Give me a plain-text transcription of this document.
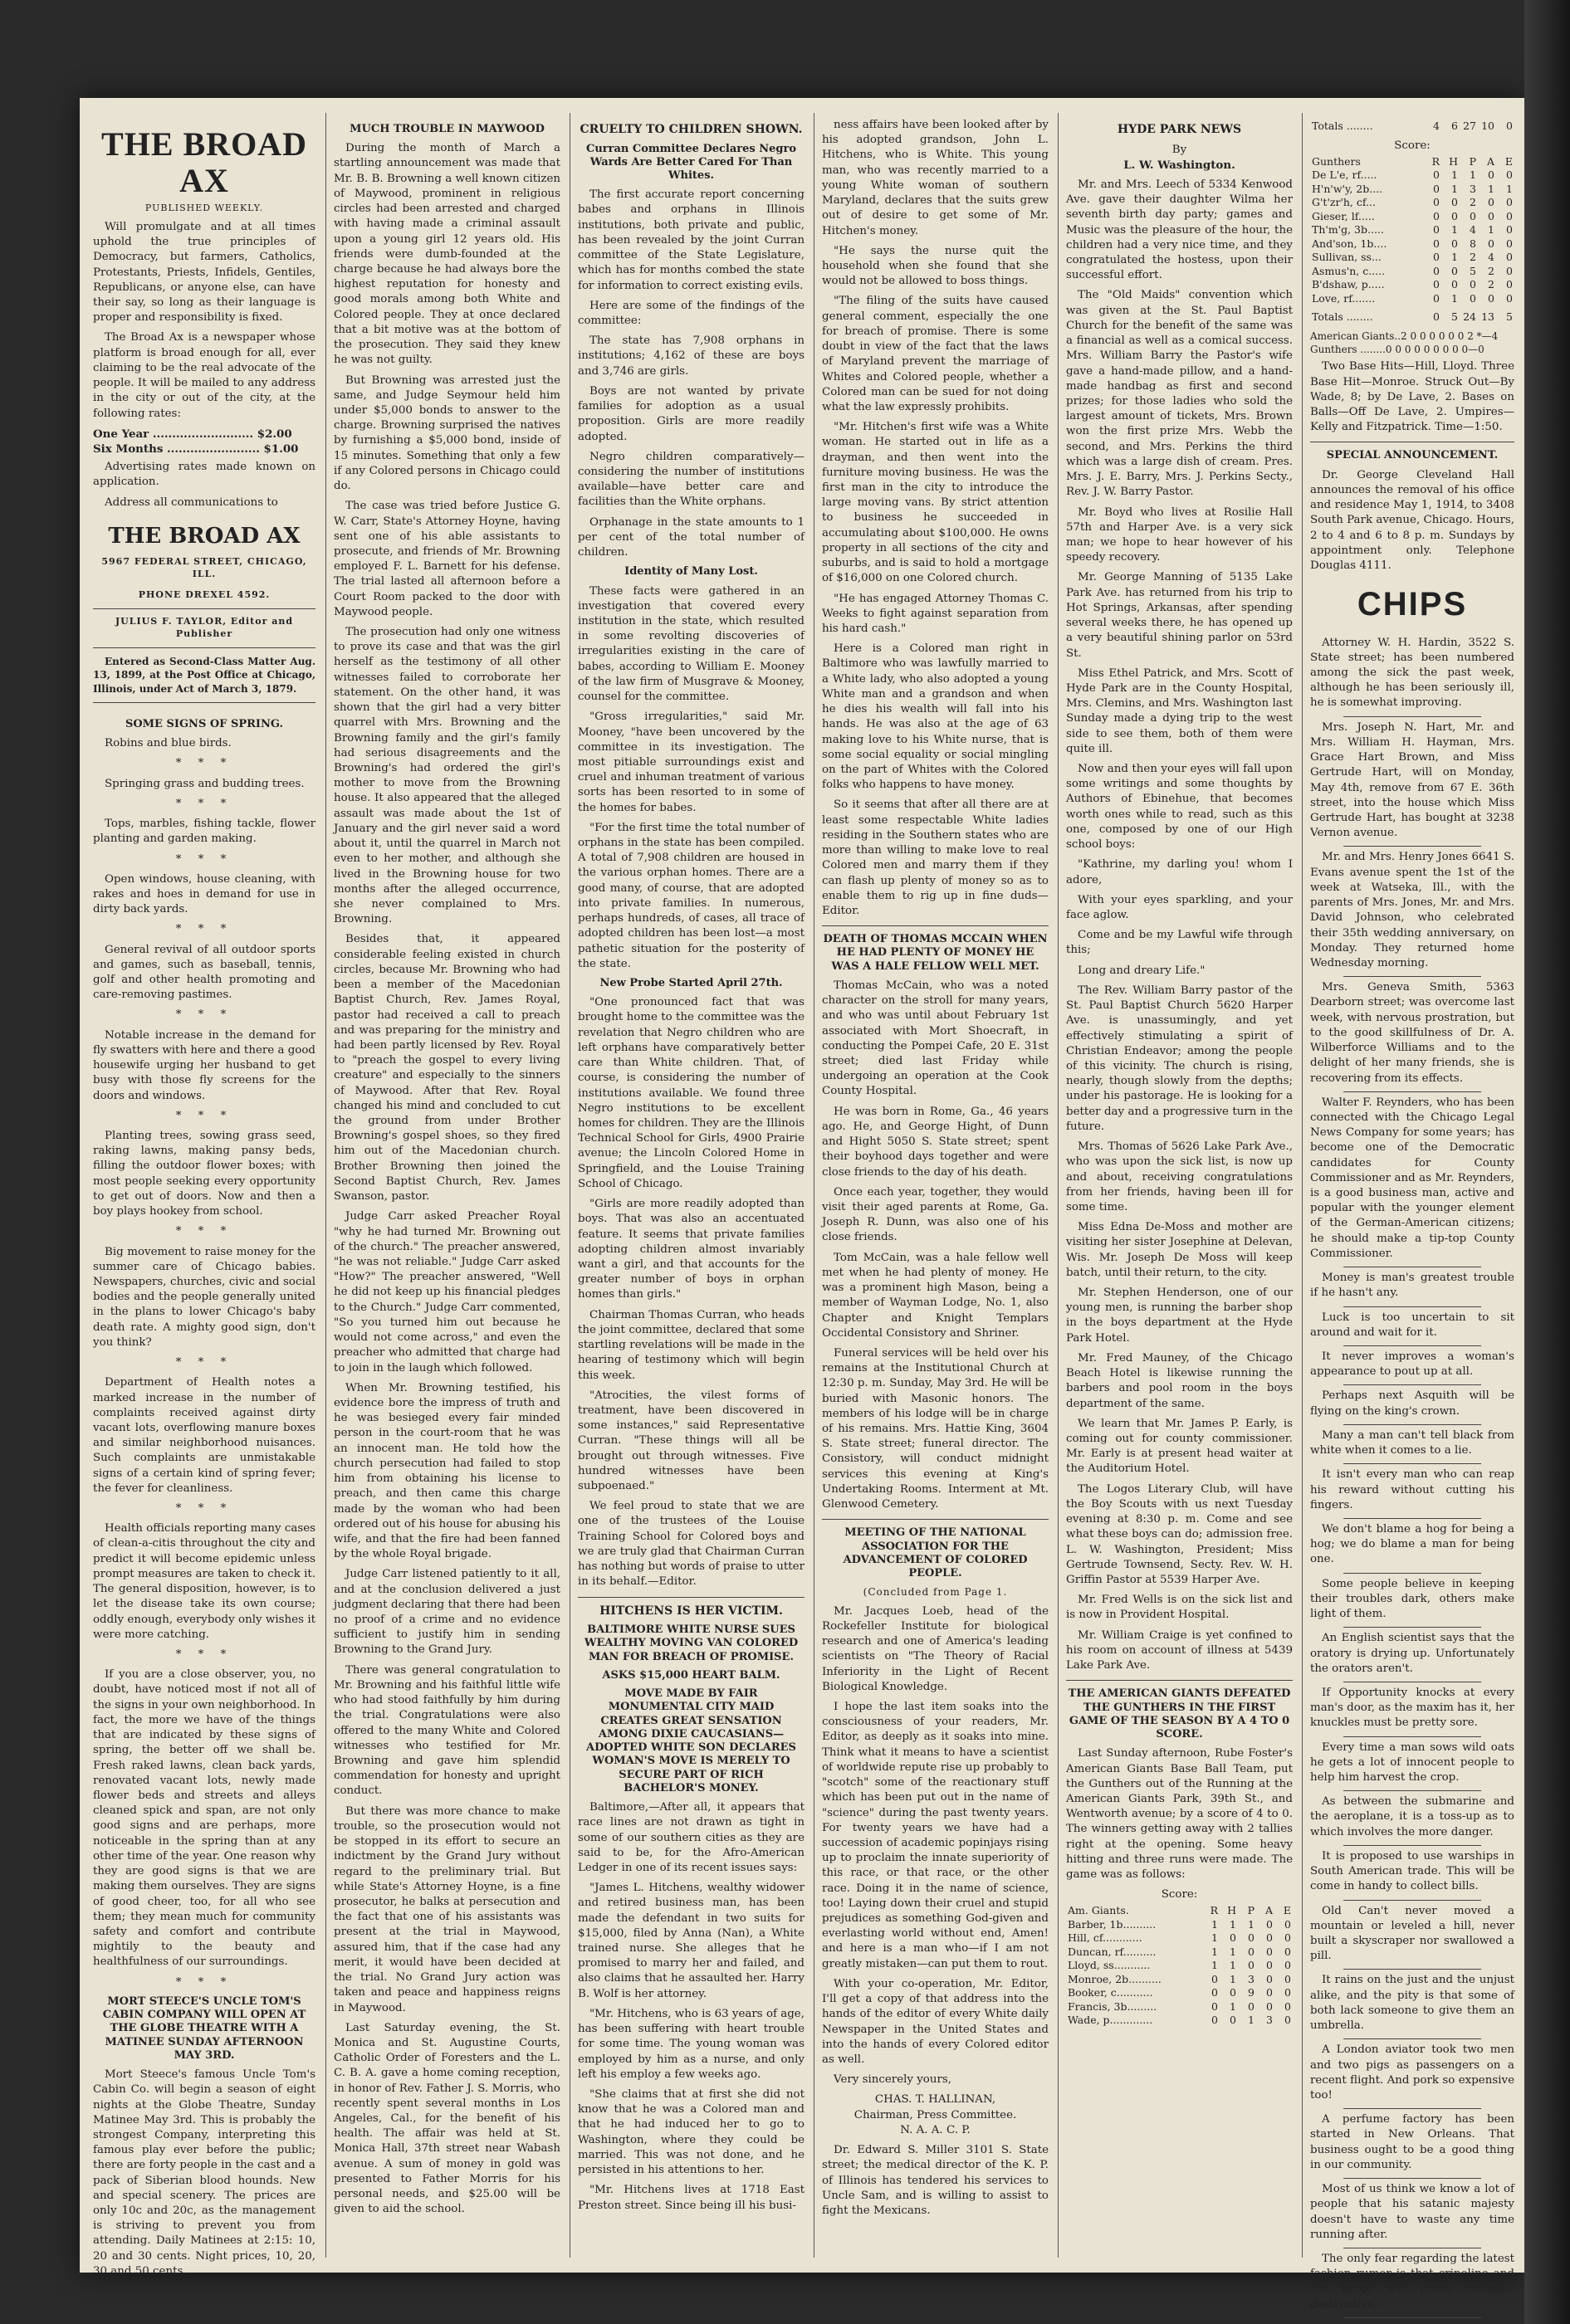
THE BROAD AX
PUBLISHED WEEKLY.

Will promulgate and at all times uphold the true principles of Democracy, but farmers, Catholics, Protestants, Priests, Infidels, Gentiles, Republicans, or anyone else, can have their say, so long as their language is proper and responsibility is fixed.

The Broad Ax is a newspaper whose platform is broad enough for all, ever claiming to be the real advocate of the people. It will be mailed to any address in the city or out of the city, at the following rates:

One Year .......................... $2.00
Six Months ........................ $1.00

Advertising rates made known on application.

Address all communications to

THE BROAD AX
5967 FEDERAL STREET, CHICAGO, ILL.
PHONE DREXEL 4592.
JULIUS F. TAYLOR, Editor and Publisher

Entered as Second-Class Matter Aug. 13, 1899, at the Post Office at Chicago, Illinois, under Act of March 3, 1879.

SOME SIGNS OF SPRING.

Robins and blue birds.

* * *

Springing grass and budding trees.

* * *

Tops, marbles, fishing tackle, flower planting and garden making.

* * *

Open windows, house cleaning, with rakes and hoes in demand for use in dirty back yards.

* * *

General revival of all outdoor sports and games, such as baseball, tennis, golf and other health promoting and care-removing pastimes.

* * *

Notable increase in the demand for fly swatters with here and there a good housewife urging her husband to get busy with those fly screens for the doors and windows.

* * *

Planting trees, sowing grass seed, raking lawns, making pansy beds, filling the outdoor flower boxes; with most people seeking every opportunity to get out of doors. Now and then a boy plays hookey from school.

* * *

Big movement to raise money for the summer care of Chicago babies. Newspapers, churches, civic and social bodies and the people generally united in the plans to lower Chicago's baby death rate. A mighty good sign, don't you think?

* * *

Department of Health notes a marked increase in the number of complaints received against dirty vacant lots, overflowing manure boxes and similar neighborhood nuisances. Such complaints are unmistakable signs of a certain kind of spring fever; the fever for cleanliness.

* * *

Health officials reporting many cases of clean-a-citis throughout the city and predict it will become epidemic unless prompt measures are taken to check it. The general disposition, however, is to let the disease take its own course; oddly enough, everybody only wishes it were more catching.

* * *

If you are a close observer, you, no doubt, have noticed most if not all of the signs in your own neighborhood. In fact, the more we have of the things that are indicated by these signs of spring, the better off we shall be. Fresh raked lawns, clean back yards, renovated vacant lots, newly made flower beds and streets and alleys cleaned spick and span, are not only good signs and are perhaps, more noticeable in the spring than at any other time of the year. One reason why they are good signs is that we are making them ourselves. They are signs of good cheer, too, for all who see them; they mean much for community safety and comfort and contribute mightily to the beauty and healthfulness of our surroundings.

* * *
MORT STEECE'S UNCLE TOM'S CABIN COMPANY WILL OPEN AT THE GLOBE THEATRE WITH A MATINEE SUNDAY AFTERNOON MAY 3RD.

Mort Steece's famous Uncle Tom's Cabin Co. will begin a season of eight nights at the Globe Theatre, Sunday Matinee May 3rd. This is probably the strongest Company, interpreting this famous play ever before the public; there are forty people in the cast and a pack of Siberian blood hounds. New and special scenery. The prices are only 10c and 20c, as the management is striving to prevent you from attending. Daily Matinees at 2:15: 10, 20 and 30 cents. Night prices, 10, 20, 30 and 50 cents.

MUCH TROUBLE IN MAYWOOD

During the month of March a startling announcement was made that Mr. B. B. Browning a well known citizen of Maywood, prominent in religious circles had been arrested and charged with having made a criminal assault upon a young girl 12 years old. His friends were dumb-founded at the charge because he had always bore the highest reputation for honesty and good morals among both White and Colored people. They at once declared that a bit motive was at the bottom of the prosecution. They said they knew he was not guilty.

But Browning was arrested just the same, and Judge Seymour held him under $5,000 bonds to answer to the charge. Browning surprised the natives by furnishing a $5,000 bond, inside of 15 minutes. Something that only a few if any Colored persons in Chicago could do.

The case was tried before Justice G. W. Carr, State's Attorney Hoyne, having sent one of his able assistants to prosecute, and friends of Mr. Browning employed F. L. Barnett for his defense. The trial lasted all afternoon before a Court Room packed to the door with Maywood people.

The prosecution had only one witness to prove its case and that was the girl herself as the testimony of all other witnesses failed to corroborate her statement. On the other hand, it was shown that the girl had a very bitter quarrel with Mrs. Browning and the Browning family and the girl's family had serious disagreements and the Browning's had ordered the girl's mother to move from the Browning house. It also appeared that the alleged assault was made about the 1st of January and the girl never said a word about it, until the quarrel in March not even to her mother, and although she lived in the Browning house for two months after the alleged occurrence, she never complained to Mrs. Browning.

Besides that, it appeared considerable feeling existed in church circles, because Mr. Browning who had been a member of the Macedonian Baptist Church, Rev. James Royal, pastor had received a call to preach and was preparing for the ministry and had been partly licensed by Rev. Royal to "preach the gospel to every living creature" and especially to the sinners of Maywood. After that Rev. Royal changed his mind and concluded to cut the ground from under Brother Browning's gospel shoes, so they fired him out of the Macedonian church. Brother Browning then joined the Second Baptist Church, Rev. James Swanson, pastor.

Judge Carr asked Preacher Royal "why he had turned Mr. Browning out of the church." The preacher answered, "he was not reliable." Judge Carr asked "How?" The preacher answered, "Well he did not keep up his financial pledges to the Church." Judge Carr commented, "So you turned him out because he would not come across," and even the preacher who admitted that charge had to join in the laugh which followed.

When Mr. Browning testified, his evidence bore the impress of truth and he was besieged every fair minded person in the court-room that he was an innocent man. He told how the church persecution had failed to stop him from obtaining his license to preach, and then came this charge made by the woman who had been ordered out of his house for abusing his wife, and that the fire had been fanned by the whole Royal brigade.

Judge Carr listened patiently to it all, and at the conclusion delivered a just judgment declaring that there had been no proof of a crime and no evidence sufficient to justify him in sending Browning to the Grand Jury.

There was general congratulation to Mr. Browning and his faithful little wife who had stood faithfully by him during the trial. Congratulations were also offered to the many White and Colored witnesses who testified for Mr. Browning and gave him splendid commendation for honesty and upright conduct.

But there was more chance to make trouble, so the prosecution would not be stopped in its effort to secure an indictment by the Grand Jury without regard to the preliminary trial. But while State's Attorney Hoyne, is a fine prosecutor, he balks at persecution and the fact that one of his assistants was present at the trial in Maywood, assured him, that if the case had any merit, it would have been decided at the trial. No Grand Jury action was taken and peace and happiness reigns in Maywood.

Last Saturday evening, the St. Monica and St. Augustine Courts, Catholic Order of Foresters and the L. C. B. A. gave a home coming reception, in honor of Rev. Father J. S. Morris, who recently spent several months in Los Angeles, Cal., for the benefit of his health. The affair was held at St. Monica Hall, 37th street near Wabash avenue. A sum of money in gold was presented to Father Morris for his personal needs, and $25.00 will be given to aid the school.

CRUELTY TO CHILDREN SHOWN.
Curran Committee Declares Negro Wards Are Better Cared For Than Whites.

The first accurate report concerning babes and orphans in Illinois institutions, both private and public, has been revealed by the joint Curran committee of the State Legislature, which has for months combed the state for information to correct existing evils.

Here are some of the findings of the committee:

The state has 7,908 orphans in institutions; 4,162 of these are boys and 3,746 are girls.

Boys are not wanted by private families for adoption as a usual proposition. Girls are more readily adopted.

Negro children comparatively—considering the number of institutions available—have better care and facilities than the White orphans.

Orphanage in the state amounts to 1 per cent of the total number of children.

Identity of Many Lost.

These facts were gathered in an investigation that covered every institution in the state, which resulted in some revolting discoveries of irregularities existing in the care of babes, according to William E. Mooney of the law firm of Musgrave & Mooney, counsel for the committee.

"Gross irregularities," said Mr. Mooney, "have been uncovered by the committee in its investigation. The most pitiable surroundings exist and cruel and inhuman treatment of various sorts has been resorted to in some of the homes for babes.

"For the first time the total number of orphans in the state has been compiled. A total of 7,908 children are housed in the various orphan homes. There are a good many, of course, that are adopted into private families. In numerous, perhaps hundreds, of cases, all trace of adopted children has been lost—a most pathetic situation for the posterity of the state.

New Probe Started April 27th.

"One pronounced fact that was brought home to the committee was the revelation that Negro children who are left orphans have comparatively better care than White children. That, of course, is considering the number of institutions available. We found three Negro institutions to be excellent homes for children. They are the Illinois Technical School for Girls, 4900 Prairie avenue; the Lincoln Colored Home in Springfield, and the Louise Training School of Chicago.

"Girls are more readily adopted than boys. That was also an accentuated feature. It seems that private families adopting children almost invariably want a girl, and that accounts for the greater number of boys in orphan homes than girls."

Chairman Thomas Curran, who heads the joint committee, declared that some startling revelations will be made in the hearing of testimony which will begin this week.

"Atrocities, the vilest forms of treatment, have been discovered in some instances," said Representative Curran. "These things will all be brought out through witnesses. Five hundred witnesses have been subpoenaed."

We feel proud to state that we are one of the trustees of the Louise Training School for Colored boys and we are truly glad that Chairman Curran has nothing but words of praise to utter in its behalf.—Editor.

HITCHENS IS HER VICTIM.
BALTIMORE WHITE NURSE SUES WEALTHY MOVING VAN COLORED MAN FOR BREACH OF PROMISE.
ASKS $15,000 HEART BALM.
MOVE MADE BY FAIR MONUMENTAL CITY MAID CREATES GREAT SENSATION AMONG DIXIE CAUCASIANS—ADOPTED WHITE SON DECLARES WOMAN'S MOVE IS MERELY TO SECURE PART OF RICH BACHELOR'S MONEY.

Baltimore,—After all, it appears that race lines are not drawn as tight in some of our southern cities as they are said to be, for the Afro-American Ledger in one of its recent issues says:

"James L. Hitchens, wealthy widower and retired business man, has been made the defendant in two suits for $15,000, filed by Anna (Nan), a White trained nurse. She alleges that he promised to marry her and failed, and also claims that he assaulted her. Harry B. Wolf is her attorney.

"Mr. Hitchens, who is 63 years of age, has been suffering with heart trouble for some time. The young woman was employed by him as a nurse, and only left his employ a few weeks ago.

"She claims that at first she did not know that he was a Colored man and that he had induced her to go to Washington, where they could be married. This was not done, and he persisted in his attentions to her.

"Mr. Hitchens lives at 1718 East Preston street. Since being ill his busi-

ness affairs have been looked after by his adopted grandson, John L. Hitchens, who is White. This young man, who was recently married to a young White woman of southern Maryland, declares that the suits grew out of desire to get some of Mr. Hitchen's money.

"He says the nurse quit the household when she found that she would not be allowed to boss things.

"The filing of the suits have caused general comment, especially the one for breach of promise. There is some doubt in view of the fact that the laws of Maryland prevent the marriage of Whites and Colored people, whether a Colored man can be sued for not doing what the law expressly prohibits.

"Mr. Hitchen's first wife was a White woman. He started out in life as a drayman, and then went into the furniture moving business. He was the first man in the city to introduce the large moving vans. By strict attention to business he succeeded in accumulating about $100,000. He owns property in all sections of the city and suburbs, and is said to hold a mortgage of $16,000 on one Colored church.

"He has engaged Attorney Thomas C. Weeks to fight against separation from his hard cash."

Here is a Colored man right in Baltimore who was lawfully married to a White lady, who also adopted a young White man and a grandson and when he dies his wealth will fall into his hands. He was also at the age of 63 making love to his White nurse, that is some social equality or social mingling on the part of Whites with the Colored folks who happens to have money.

So it seems that after all there are at least some respectable White ladies residing in the Southern states who are more than willing to make love to real Colored men and marry them if they can flash up plenty of money so as to enable them to rig up in fine duds—Editor.

DEATH OF THOMAS MCCAIN WHEN HE HAD PLENTY OF MONEY HE WAS A HALE FELLOW WELL MET.

Thomas McCain, who was a noted character on the stroll for many years, and who was until about February 1st associated with Mort Shoecraft, in conducting the Pompei Cafe, 20 E. 31st street; died last Friday while undergoing an operation at the Cook County Hospital.

He was born in Rome, Ga., 46 years ago. He, and George Hight, of Dunn and Hight 5050 S. State street; spent their boyhood days together and were close friends to the day of his death.

Once each year, together, they would visit their aged parents at Rome, Ga. Joseph R. Dunn, was also one of his close friends.

Tom McCain, was a hale fellow well met when he had plenty of money. He was a prominent high Mason, being a member of Wayman Lodge, No. 1, also Chapter and Knight Templars Occidental Consistory and Shriner.

Funeral services will be held over his remains at the Institutional Church at 12:30 p. m. Sunday, May 3rd. He will be buried with Masonic honors. The members of his lodge will be in charge of his remains. Mrs. Hattie King, 3604 S. State street; funeral director. The Consistory, will conduct midnight services this evening at King's Undertaking Rooms. Interment at Mt. Glenwood Cemetery.

MEETING OF THE NATIONAL ASSOCIATION FOR THE ADVANCEMENT OF COLORED PEOPLE.
(Concluded from Page 1.

Mr. Jacques Loeb, head of the Rockefeller Institute for biological research and one of America's leading scientists on "The Theory of Racial Inferiority in the Light of Recent Biological Knowledge.

I hope the last item soaks into the consciousness of your readers, Mr. Editor, as deeply as it soaks into mine. Think what it means to have a scientist of worldwide repute rise up probably to "scotch" some of the reactionary stuff which has been put out in the name of "science" during the past twenty years. For twenty years we have had a succession of academic popinjays rising up to proclaim the innate superiority of this race, or that race, or the other race. Doing it in the name of science, too! Laying down their cruel and stupid prejudices as something God-given and everlasting world without end, Amen! and here is a man who—if I am not greatly mistaken—can put them to rout.

With your co-operation, Mr. Editor, I'll get a copy of that address into the hands of the editor of every White daily Newspaper in the United States and into the hands of every Colored editor as well.

Very sincerely yours,

CHAS. T. HALLINAN,
Chairman, Press Committee.
N. A. A. C. P.

Dr. Edward S. Miller 3101 S. State street; the medical director of the K. P. of Illinois has tendered his services to Uncle Sam, and is willing to assist to fight the Mexicans.

HYDE PARK NEWS
By
L. W. Washington.

Mr. and Mrs. Leech of 5334 Kenwood Ave. gave their daughter Wilma her seventh birth day party; games and Music was the pleasure of the hour, the children had a very nice time, and they congratulated the hostess, upon their successful effort.

The "Old Maids" convention which was given at the St. Paul Baptist Church for the benefit of the same was a financial as well as a comical success. Mrs. William Barry the Pastor's wife gave a hand-made pillow, and a hand-made handbag as first and second prizes; for those ladies who sold the largest amount of tickets, Mrs. Brown won the first prize Mrs. Webb the second, and Mrs. Perkins the third which was a large dish of cream. Pres. Mrs. J. E. Barry, Mrs. J. Perkins Secty., Rev. J. W. Barry Pastor.

Mr. Boyd who lives at Rosilie Hall 57th and Harper Ave. is a very sick man; we hope to hear however of his speedy recovery.

Mr. George Manning of 5135 Lake Park Ave. has returned from his trip to Hot Springs, Arkansas, after spending several weeks there, he has opened up a very beautiful shining parlor on 53rd St.

Miss Ethel Patrick, and Mrs. Scott of Hyde Park are in the County Hospital, Mrs. Clemins, and Mrs. Washington last Sunday made a dying trip to the west side to see them, both of them were quite ill.

Now and then your eyes will fall upon some writings and some thoughts by Authors of Ebinehue, that becomes worth ones while to read, such as this one, composed by one of our High school boys:

"Kathrine, my darling you! whom I adore,

With your eyes sparkling, and your face aglow.

Come and be my Lawful wife through this;

Long and dreary Life."

The Rev. William Barry pastor of the St. Paul Baptist Church 5620 Harper Ave. is unassumingly, and yet effectively stimulating a spirit of Christian Endeavor; among the people of this vicinity. The church is rising, nearly, though slowly from the depths; under his pastorage. He is looking for a better day and a progressive turn in the future.

Mrs. Thomas of 5626 Lake Park Ave., who was upon the sick list, is now up and about, receiving congratulations from her friends, having been ill for some time.

Miss Edna De-Moss and mother are visiting her sister Josephine at Delevan, Wis. Mr. Joseph De Moss will keep batch, until their return, to the city.

Mr. Stephen Henderson, one of our young men, is running the barber shop in the boys department at the Hyde Park Hotel.

Mr. Fred Mauney, of the Chicago Beach Hotel is likewise running the barbers and pool room in the boys department of the same.

We learn that Mr. James P. Early, is coming out for county commissioner. Mr. Early is at present head waiter at the Auditorium Hotel.

The Logos Literary Club, will have the Boy Scouts with us next Tuesday evening at 8:30 p. m. Come and see what these boys can do; admission free. L. W. Washington, President; Miss Gertrude Townsend, Secty. Rev. W. H. Griffin Pastor at 5539 Harper Ave.

Mr. Fred Wells is on the sick list and is now in Provident Hospital.

Mr. William Craige is yet confined to his room on account of illness at 5439 Lake Park Ave.

THE AMERICAN GIANTS DEFEATED THE GUNTHERS IN THE FIRST GAME OF THE SEASON BY A 4 TO 0 SCORE.

Last Sunday afternoon, Rube Foster's American Giants Base Ball Team, put the Gunthers out of the Running at the American Giants Park, 39th St., and Wentworth avenue; by a score of 4 to 0. The winners getting away with 2 tallies right at the opening. Some heavy hitting and three runs were made. The game was as follows:

Score:
Am. Giants.	R	H	P	A	E
Barber, 1b..........	1	1	1	0	0
Hill, cf............	1	0	0	0	0
Duncan, rf..........	1	1	0	0	0
Lloyd, ss...........	1	1	0	0	0
Monroe, 2b..........	0	1	3	0	0
Booker, c...........	0	0	9	0	0
Francis, 3b.........	0	1	0	0	0
Wade, p.............	0	0	1	3	0
Totals ........	4	6	27	10	0
Score:
Gunthers	R	H	P	A	E
De L'e, rf.....	0	1	1	0	0
H'n'w'y, 2b....	0	1	3	1	1
G't'zr'h, cf...	0	0	2	0	0
Gieser, lf.....	0	0	0	0	0
Th'm'g, 3b.....	0	1	4	1	0
And'son, 1b....	0	0	8	0	0
Sullivan, ss...	0	1	2	4	0
Asmus'n, c.....	0	0	5	2	0
B'dshaw, p.....	0	0	0	2	0
Love, rf.......	0	1	0	0	0
Totals ........	0	5	24	13	5
American Giants..2 0 0 0 0 0 0 2 *—4
Gunthers ........0 0 0 0 0 0 0 0 0—0

Two Base Hits—Hill, Lloyd. Three Base Hit—Monroe. Struck Out—By Wade, 8; by De Lave, 2. Bases on Balls—Off De Lave, 2. Umpires—Kelly and Fitzpatrick. Time—1:50.

SPECIAL ANNOUNCEMENT.

Dr. George Cleveland Hall announces the removal of his office and residence May 1, 1914, to 3408 South Park avenue, Chicago. Hours, 2 to 4 and 6 to 8 p. m. Sundays by appointment only. Telephone Douglas 4111.

CHIPS

Attorney W. H. Hardin, 3522 S. State street; has been numbered among the sick the past week, although he has been seriously ill, he is somewhat improving.

Mrs. Joseph N. Hart, Mr. and Mrs. William H. Hayman, Mrs. Grace Hart Brown, and Miss Gertrude Hart, will on Monday, May 4th, remove from 67 E. 36th street, into the house which Miss Gertrude Hart, has bought at 3238 Vernon avenue.

Mr. and Mrs. Henry Jones 6641 S. Evans avenue spent the 1st of the week at Watseka, Ill., with the parents of Mrs. Jones, Mr. and Mrs. David Johnson, who celebrated their 35th wedding anniversary, on Monday. They returned home Wednesday morning.

Mrs. Geneva Smith, 5363 Dearborn street; was overcome last week, with nervous prostration, but to the good skillfulness of Dr. A. Wilberforce Williams and to the delight of her many friends, she is recovering from its effects.

Walter F. Reynders, who has been connected with the Chicago Legal News Company for some years; has become one of the Democratic candidates for County Commissioner and as Mr. Reynders, is a good business man, active and popular with the younger element of the German-American citizens; he should make a tip-top County Commissioner.

Money is man's greatest trouble if he hasn't any.

Luck is too uncertain to sit around and wait for it.

It never improves a woman's appearance to pout up at all.

Perhaps next Asquith will be flying on the king's crown.

Many a man can't tell black from white when it comes to a lie.

It isn't every man who can reap his reward without cutting his fingers.

We don't blame a hog for being a hog; we do blame a man for being one.

Some people believe in keeping their troubles dark, others make light of them.

An English scientist says that the oratory is drying up. Unfortunately the orators aren't.

If Opportunity knocks at every man's door, as the maxim has it, her knuckles must be pretty sore.

Every time a man sows wild oats he gets a lot of innocent people to help him harvest the crop.

As between the submarine and the aeroplane, it is a toss-up as to which involves the more danger.

It is proposed to use warships in South American trade. This will be come in handy to collect bills.

Old Can't never moved a mountain or leveled a hill, never built a skyscraper nor swallowed a pill.

It rains on the just and the unjust alike, and the pity is that some of both lack someone to give them an umbrella.

A London aviator took two men and two pigs as passengers on a recent flight. And pork so expensive too!

A perfume factory has been started in New Orleans. That business ought to be a good thing in our community.

Most of us think we know a lot of people that his satanic majesty doesn't have to waste any time running after.

The only fear regarding the latest fashion rumor is that crinoline and the tango will prove mutually destructive.
